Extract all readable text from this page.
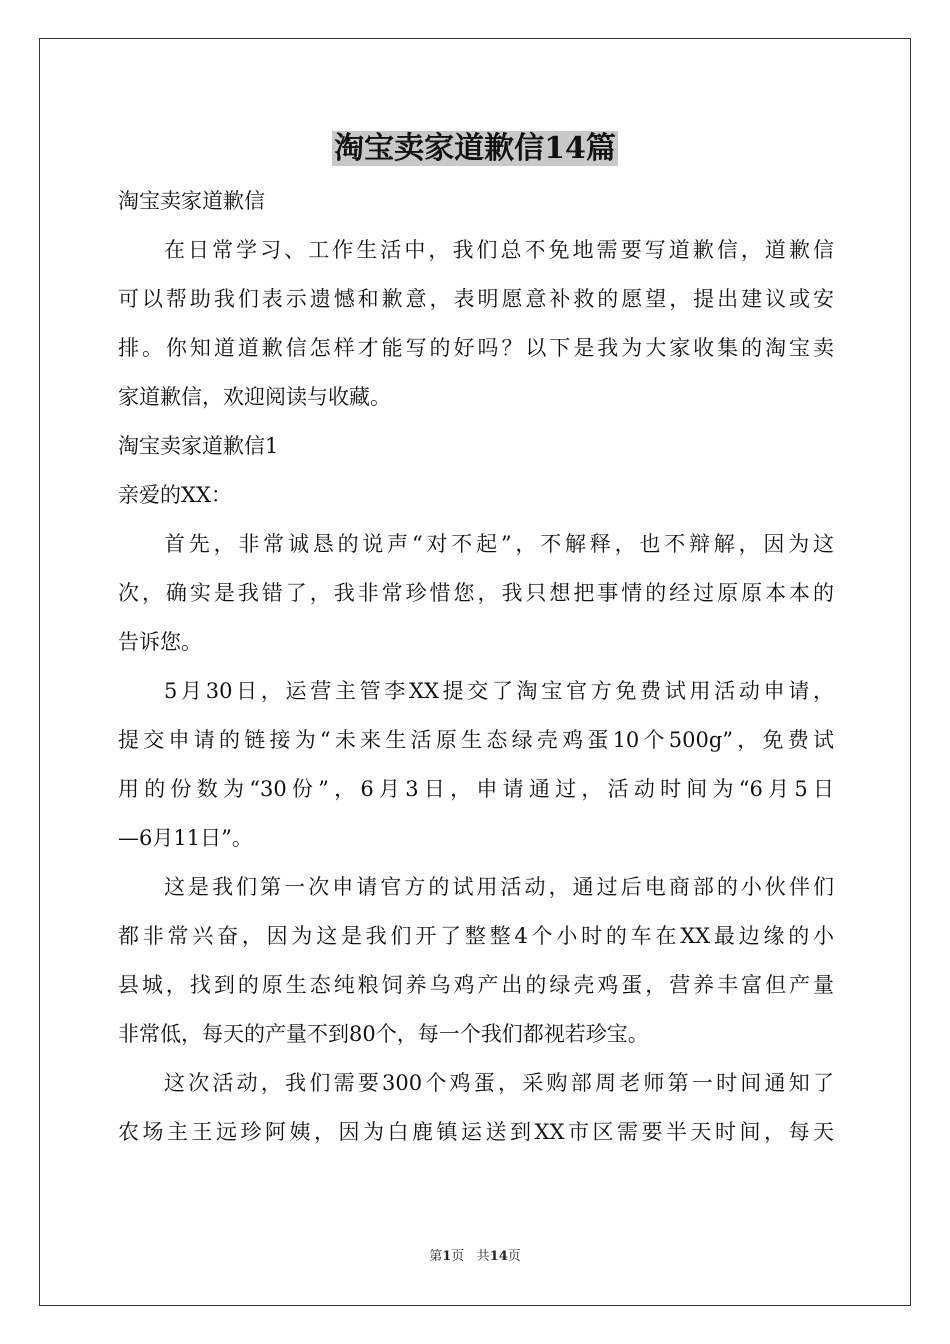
淘宝卖家道歉信14篇
淘宝卖家道歉信
在日常学习、工作生活中，我们总不免地需要写道歉信，道歉信
可以帮助我们表示遗憾和歉意，表明愿意补救的愿望，提出建议或安
排。你知道道歉信怎样才能写的好吗？以下是我为大家收集的淘宝卖
家道歉信，欢迎阅读与收藏。
淘宝卖家道歉信1
亲爱的XX：
首先，非常诚恳的说声“对不起”，不解释，也不辩解，因为这
次，确实是我错了，我非常珍惜您，我只想把事情的经过原原本本的
告诉您。
5月30日，运营主管李XX提交了淘宝官方免费试用活动申请，
提交申请的链接为“未来生活原生态绿壳鸡蛋10个500g”，免费试
用的份数为“30份”，6月3日，申请通过，活动时间为“6月5日
—6月11日”。
这是我们第一次申请官方的试用活动，通过后电商部的小伙伴们
都非常兴奋，因为这是我们开了整整4个小时的车在XX最边缘的小
县城，找到的原生态纯粮饲养乌鸡产出的绿壳鸡蛋，营养丰富但产量
非常低，每天的产量不到80个，每一个我们都视若珍宝。
这次活动，我们需要300个鸡蛋，采购部周老师第一时间通知了
农场主王远珍阿姨，因为白鹿镇运送到XX市区需要半天时间，每天
第1页 共14页
